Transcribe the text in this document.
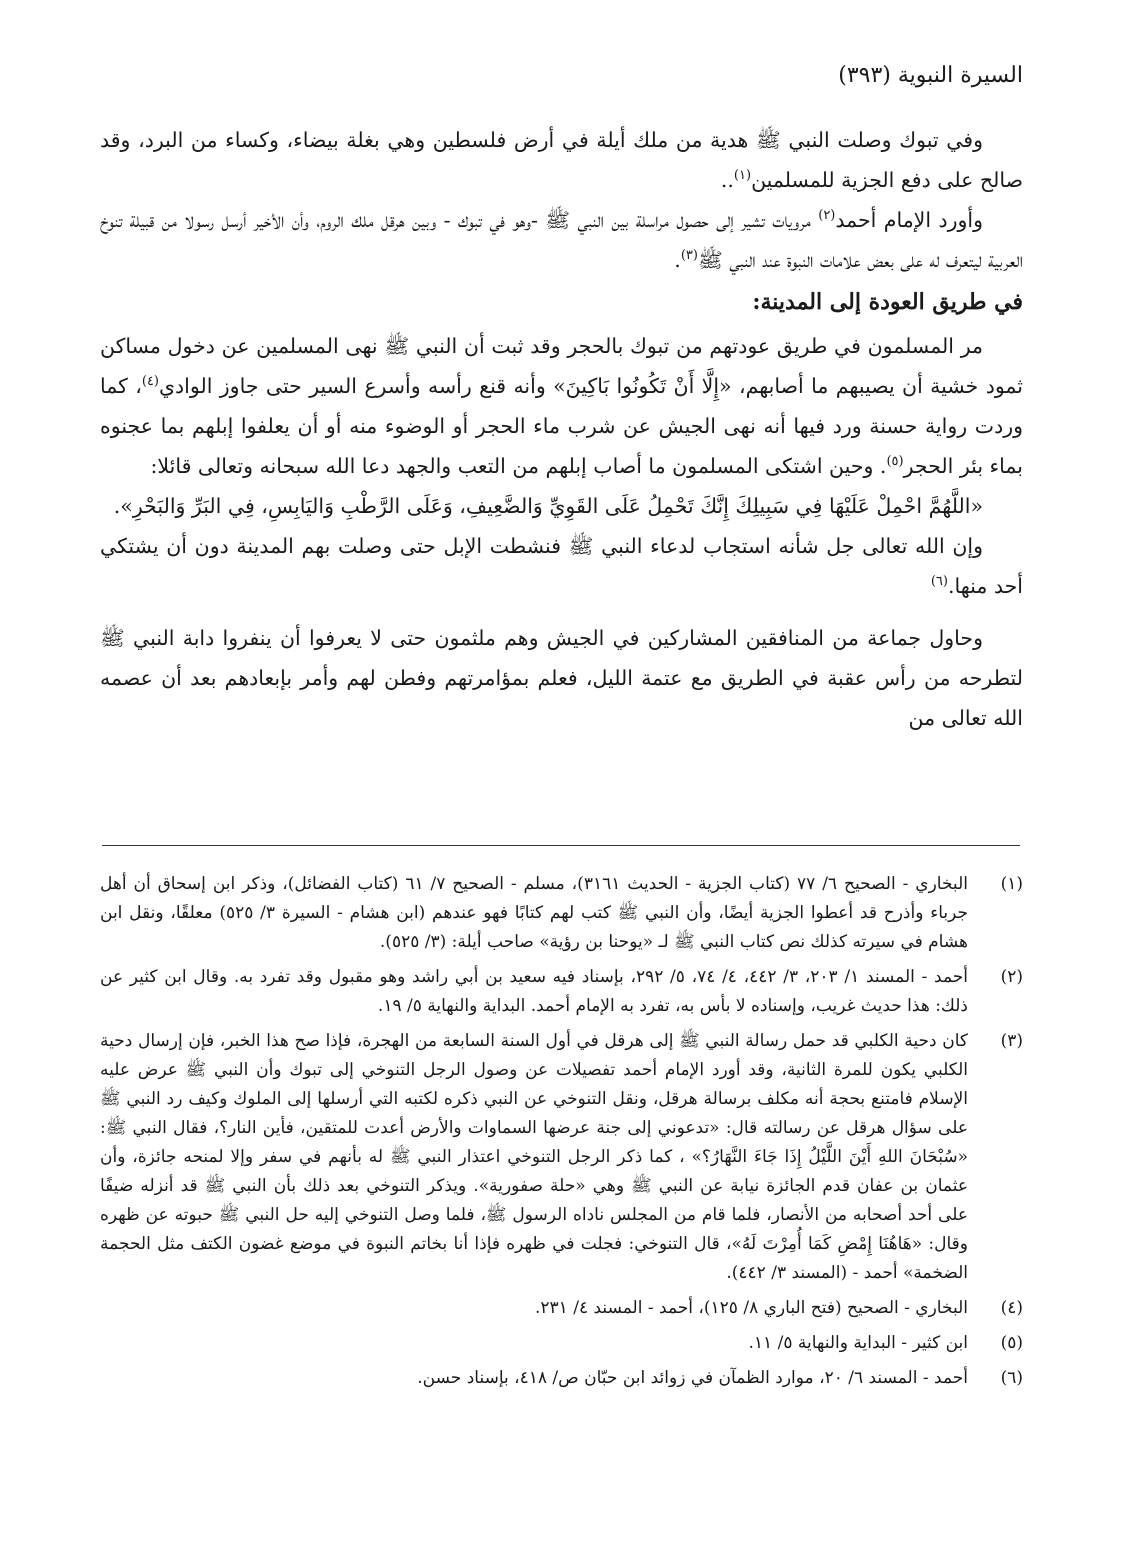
السيرة النبوية (٣٩٣)

وفي تبوك وصلت النبي ﷺ هدية من ملك أيلة في أرض فلسطين وهي بغلة بيضاء، وكساء من البرد، وقد صالح على دفع الجزية للمسلمين$^{(١)}$..

وأورد الإمام أحمد$^{(٢)}$ مرويات تشير إلى حصول مراسلة بين النبي ﷺ -وهو في تبوك - وبين هرقل ملك الروم، وأن الأخير أرسل رسولا من قبيلة تنوخ العربية ليتعرف له على بعض علامات النبوة عند النبي ﷺ$^{(٣)}$.

في طريق العودة إلى المدينة:

مر المسلمون في طريق عودتهم من تبوك بالحجر وقد ثبت أن النبي ﷺ نهى المسلمين عن دخول مساكن ثمود خشية أن يصيبهم ما أصابهم، «إِلَّا أَنْ تَكُونُوا بَاكِينَ» وأنه قنع رأسه وأسرع السير حتى جاوز الوادي$^{(٤)}$، كما وردت رواية حسنة ورد فيها أنه نهى الجيش عن شرب ماء الحجر أو الوضوء منه أو أن يعلفوا إبلهم بما عجنوه بماء بئر الحجر$^{(٥)}$. وحين اشتكى المسلمون ما أصاب إبلهم من التعب والجهد دعا الله سبحانه وتعالى قائلا:

«اللَّهُمَّ احْمِلْ عَلَيْهَا فِي سَبِيلِكَ إِنَّكَ تَحْمِلُ عَلَى القَوِيِّ وَالضَّعِيفِ، وَعَلَى الرَّطْبِ وَاليَابِسِ، فِي البَرِّ وَالبَحْرِ».

وإن الله تعالى جل شأنه استجاب لدعاء النبي ﷺ فنشطت الإبل حتى وصلت بهم المدينة دون أن يشتكي أحد منها.$^{(٦)}$

وحاول جماعة من المنافقين المشاركين في الجيش وهم ملثمون حتى لا يعرفوا أن ينفروا دابة النبي ﷺ لتطرحه من رأس عقبة في الطريق مع عتمة الليل، فعلم بمؤامرتهم وفطن لهم وأمر بإبعادهم بعد أن عصمه الله تعالى من

(١)
البخاري - الصحيح ٦/ ٧٧ (كتاب الجزية - الحديث ٣١٦١)، مسلم - الصحيح ٧/ ٦١ (كتاب الفضائل)، وذكر ابن إسحاق أن أهل جرباء وأذرح قد أعطوا الجزية أيضًا، وأن النبي ﷺ كتب لهم كتابًا فهو عندهم (ابن هشام - السيرة ٣/ ٥٢٥) معلقًا، ونقل ابن هشام في سيرته كذلك نص كتاب النبي ﷺ لـ «يوحنا بن رؤية» صاحب أيلة: (٣/ ٥٢٥).
(٢)
أحمد - المسند ١/ ٢٠٣، ٣/ ٤٤٢، ٤/ ٧٤، ٥/ ٢٩٢، بإسناد فيه سعيد بن أبي راشد وهو مقبول وقد تفرد به. وقال ابن كثير عن ذلك: هذا حديث غريب، وإسناده لا بأس به، تفرد به الإمام أحمد. البداية والنهاية ٥/ ١٩.
(٣)
كان دحية الكلبي قد حمل رسالة النبي ﷺ إلى هرقل في أول السنة السابعة من الهجرة، فإذا صح هذا الخبر، فإن إرسال دحية الكلبي يكون للمرة الثانية، وقد أورد الإمام أحمد تفصيلات عن وصول الرجل التنوخي إلى تبوك وأن النبي ﷺ عرض عليه الإسلام فامتنع بحجة أنه مكلف برسالة هرقل، ونقل التنوخي عن النبي ذكره لكتبه التي أرسلها إلى الملوك وكيف رد النبي ﷺ على سؤال هرقل عن رسالته قال: «تدعوني إلى جنة عرضها السماوات والأرض أعدت للمتقين، فأين النار؟، فقال النبي ﷺ: «سُبْحَانَ اللهِ أَيْنَ اللَّيْلُ إِذَا جَاءَ النَّهَارُ؟» ، كما ذكر الرجل التنوخي اعتذار النبي ﷺ له بأنهم في سفر وإلا لمنحه جائزة، وأن عثمان بن عفان قدم الجائزة نيابة عن النبي ﷺ وهي «حلة صفورية». ويذكر التنوخي بعد ذلك بأن النبي ﷺ قد أنزله ضيفًا على أحد أصحابه من الأنصار، فلما قام من المجلس ناداه الرسول ﷺ، فلما وصل التنوخي إليه حل النبي ﷺ حبوته عن ظهره وقال: «هَاهُنَا إِمْضِ كَمَا أُمِرْتَ لَهُ»، قال التنوخي: فجلت في ظهره فإذا أنا بخاتم النبوة في موضع غضون الكتف مثل الحجمة الضخمة» أحمد - (المسند ٣/ ٤٤٢).
(٤)
البخاري - الصحيح (فتح الباري ٨/ ١٢٥)، أحمد - المسند ٤/ ٢٣١.
(٥)
ابن كثير - البداية والنهاية ٥/ ١١.
(٦)
أحمد - المسند ٦/ ٢٠، موارد الظمآن في زوائد ابن حبّان ص/ ٤١٨، بإسناد حسن.
